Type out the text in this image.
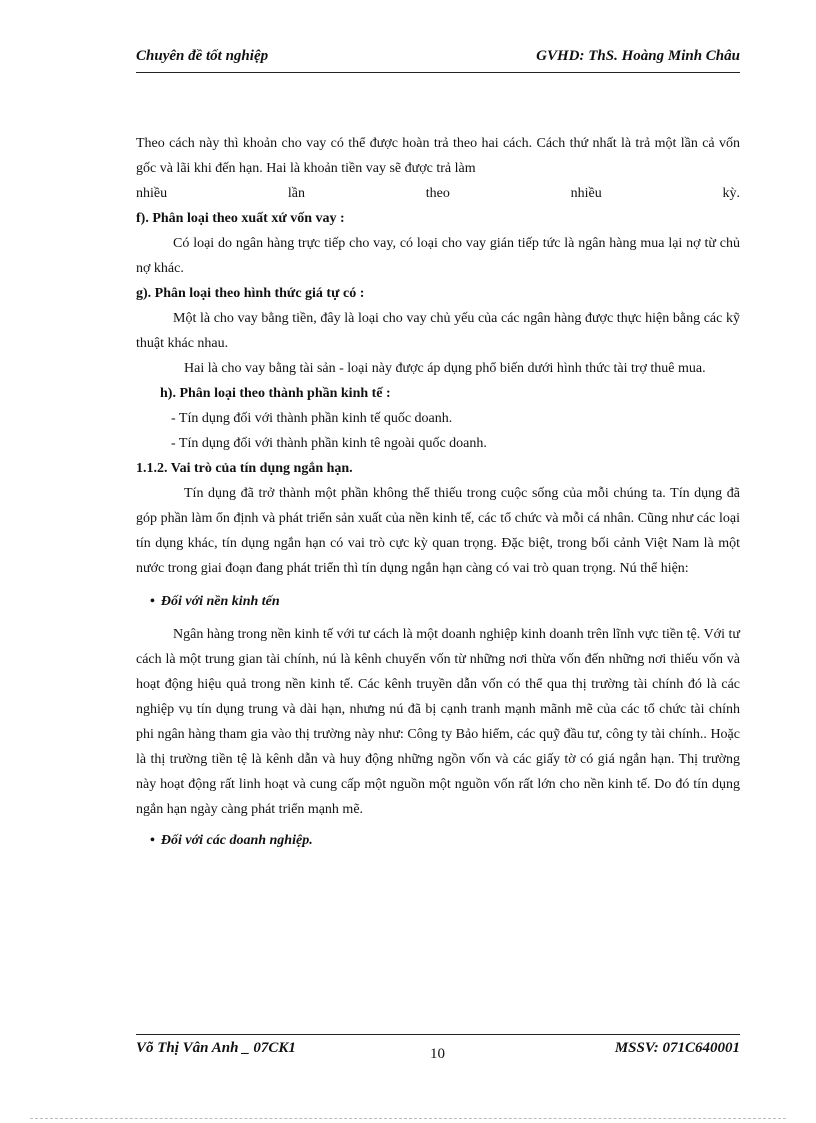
Chuyên đề tốt nghiệp	GVHD: ThS. Hoàng Minh Châu

Theo cách này thì khoản cho vay có thể được hoàn trả theo hai cách. Cách thứ nhất là trả một lần cả vốn gốc và lãi khi đến hạn. Hai là khoản tiền vay sẽ được trả làm

nhiều lần theo nhiều kỳ.

f). Phân loại theo xuất xứ vốn vay :

Có loại do ngân hàng trực tiếp cho vay, có loại cho vay gián tiếp tức là ngân hàng mua lại nợ từ chủ nợ khác.

g). Phân loại theo hình thức giá tự có :

Một là cho vay bằng tiền, đây là loại cho vay chủ yếu của các ngân hàng được thực hiện bằng các kỹ thuật khác nhau.

Hai là cho vay bằng tài sản - loại này được áp dụng phổ biến dưới hình thức tài trợ thuê mua.

h). Phân loại theo thành phần kinh tế :

- Tín dụng đối với thành phần kinh tế quốc doanh.

- Tín dụng đối với thành phần kinh tê ngoài quốc doanh.

1.1.2. Vai trò của tín dụng ngắn hạn.

Tín dụng đã trở thành một phần không thể thiếu trong cuộc sống của mỗi chúng ta. Tín dụng đã góp phần làm ổn định và phát triển sản xuất của nền kinh tế, các tổ chức và mỗi cá nhân. Cũng như các loại tín dụng khác, tín dụng ngắn hạn có vai trò cực kỳ quan trọng. Đặc biệt, trong bối cảnh Việt Nam là một nước trong giai đoạn đang phát triển thì tín dụng ngắn hạn càng có vai trò quan trọng. Nú thể hiện:

• Đối với nền kinh tến

Ngân hàng trong nền kinh tế với tư cách là một doanh nghiệp kinh doanh trên lĩnh vực tiền tệ. Với tư cách là một trung gian tài chính, nú là kênh chuyển vốn từ những nơi thừa vốn đến những nơi thiếu vốn và hoạt động hiệu quả trong nền kinh tế. Các kênh truyền dẫn vốn có thể qua thị trường tài chính đó là các nghiệp vụ tín dụng trung và dài hạn, nhưng nú đã bị cạnh tranh mạnh mãnh mẽ của các tổ chức tài chính phi ngân hàng tham gia vào thị trường này như: Công ty Bảo hiểm, các quỹ đầu tư, công ty tài chính.. Hoặc là thị trường tiền tệ là kênh dẫn và huy động những ngồn vốn và các giấy tờ có giá ngắn hạn. Thị trường này hoạt động rất linh hoạt và cung cấp một nguồn một nguồn vốn rất lớn cho nền kinh tế. Do đó tín dụng ngắn hạn ngày càng phát triển mạnh mẽ.

• Đối với các doanh nghiệp.

Võ Thị Vân Anh _ 07CK1	10	MSSV: 071C640001
